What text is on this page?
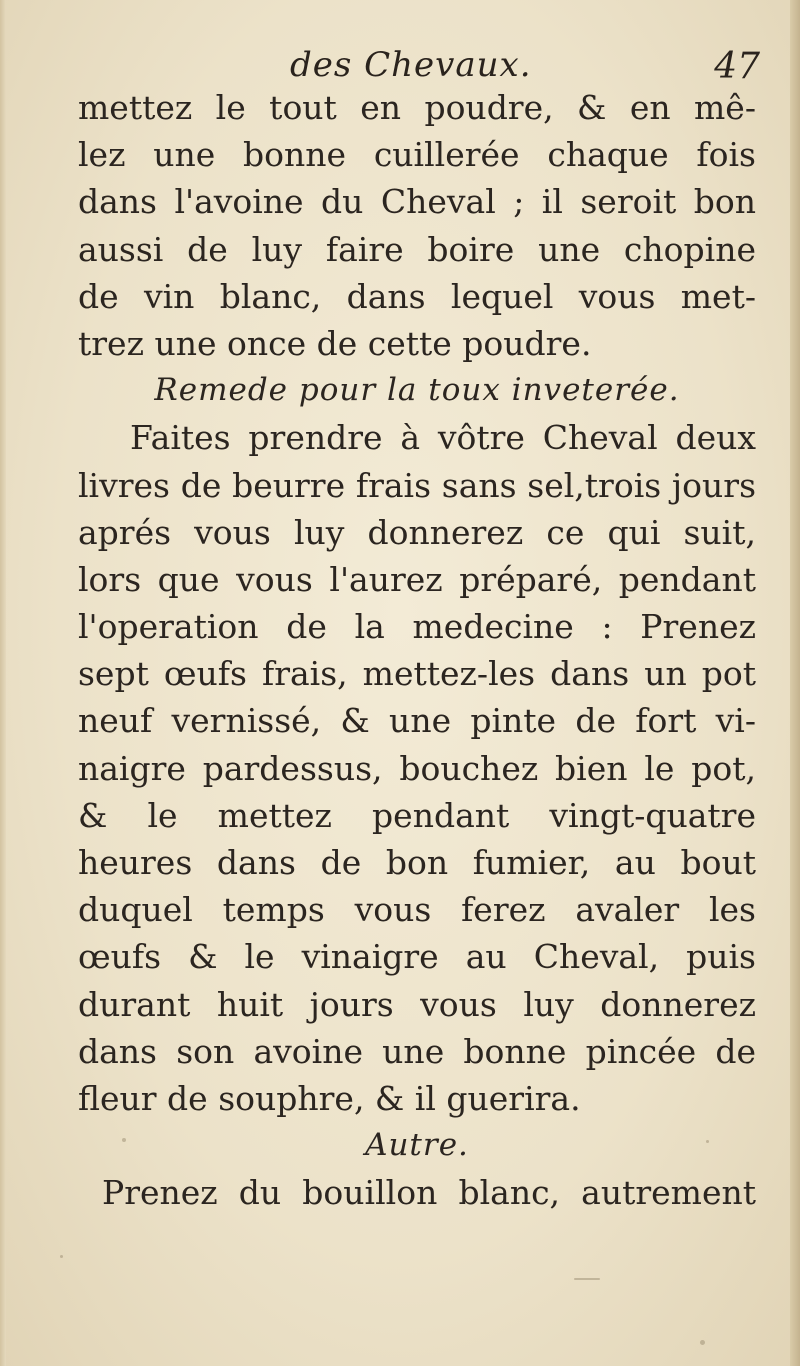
des Chevaux.	47
mettez le tout en poudre, & en mê-
lez une bonne cuillerée chaque fois
dans l'avoine du Cheval ; il seroit bon
aussi de luy faire boire une chopine
de vin blanc, dans lequel vous met-
trez une once de cette poudre.
Remede pour la toux inveterée.
Faites prendre à vôtre Cheval deux
livres de beurre frais sans sel,trois jours
aprés vous luy donnerez ce qui suit,
lors que vous l'aurez préparé, pendant
l'operation de la medecine : Prenez
sept œufs frais, mettez-les dans un pot
neuf vernissé, & une pinte de fort vi-
naigre pardessus, bouchez bien le pot,
& le mettez pendant vingt-quatre
heures dans de bon fumier, au bout
duquel temps vous ferez avaler les
œufs & le vinaigre au Cheval, puis
durant huit jours vous luy donnerez
dans son avoine une bonne pincée de
fleur de souphre, & il guerira.
Autre.
Prenez du bouillon blanc, autrement
